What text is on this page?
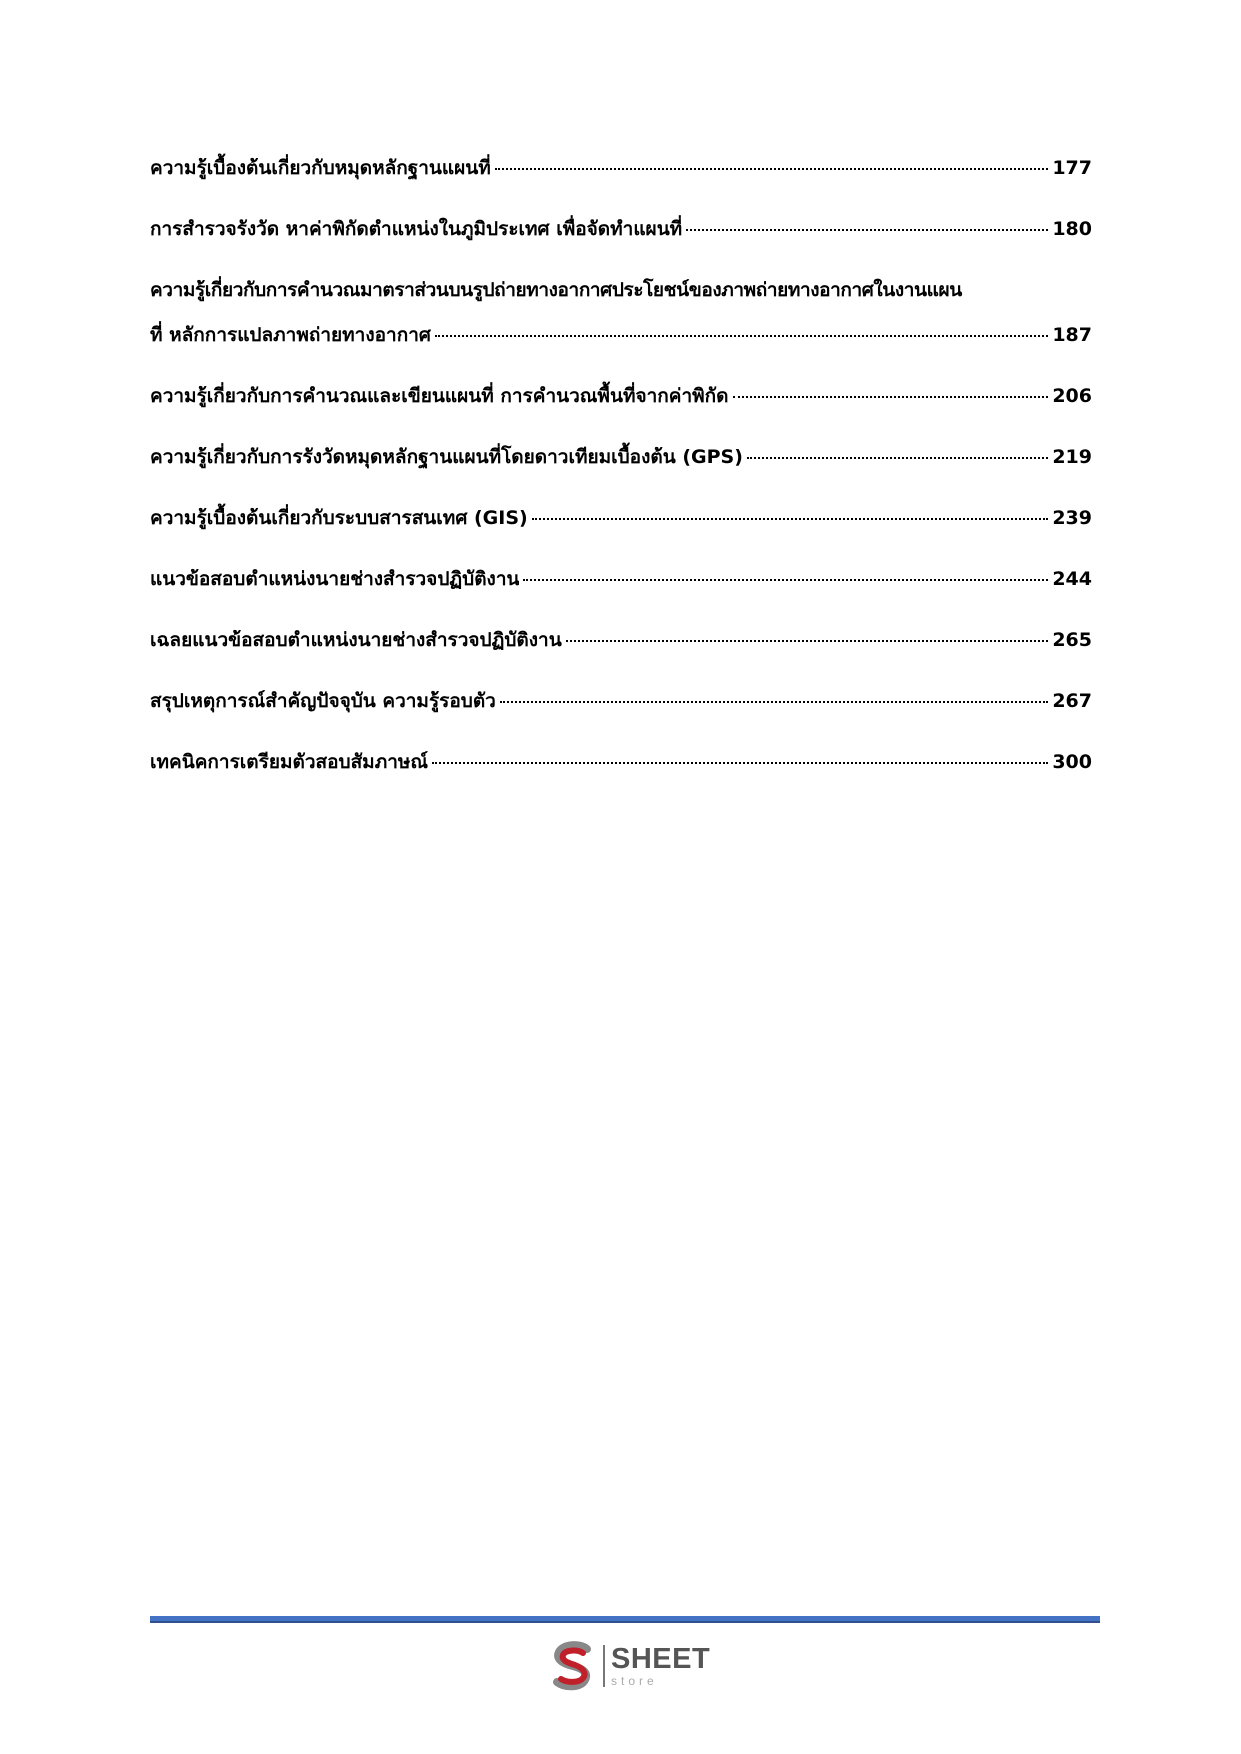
ความรู้เบื้องต้นเกี่ยวกับหมุดหลักฐานแผนที่	177
การสำรวจรังวัด หาค่าพิกัดตำแหน่งในภูมิประเทศ เพื่อจัดทำแผนที่	180
ความรู้เกี่ยวกับการคำนวณมาตราส่วนบนรูปถ่ายทางอากาศประโยชน์ของภาพถ่ายทางอากาศในงานแผน
ที่ หลักการแปลภาพถ่ายทางอากาศ	187
ความรู้เกี่ยวกับการคำนวณและเขียนแผนที่ การคำนวณพื้นที่จากค่าพิกัด	206
ความรู้เกี่ยวกับการรังวัดหมุดหลักฐานแผนที่โดยดาวเทียมเบื้องต้น (GPS)	219
ความรู้เบื้องต้นเกี่ยวกับระบบสารสนเทศ (GIS)	239
แนวข้อสอบตำแหน่งนายช่างสำรวจปฏิบัติงาน	244
เฉลยแนวข้อสอบตำแหน่งนายช่างสำรวจปฏิบัติงาน	265
สรุปเหตุการณ์สำคัญปัจจุบัน ความรู้รอบตัว	267
เทคนิคการเตรียมตัวสอบสัมภาษณ์	300
SHEET
store
